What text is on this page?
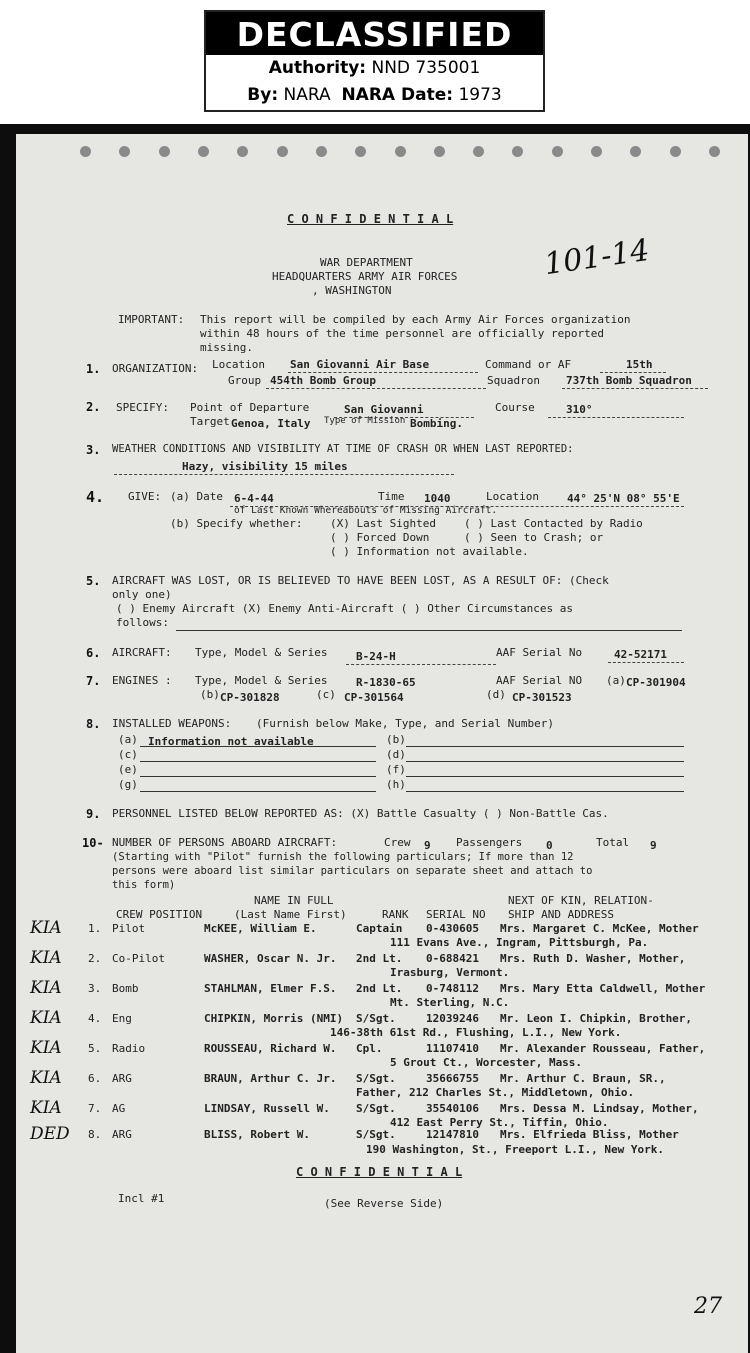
DECLASSIFIED
Authority: NND 735001
By: NARA NARA Date: 1973
C O N F I D E N T I A L
WAR DEPARTMENT
HEADQUARTERS ARMY AIR FORCES
, WASHINGTON
101-14
IMPORTANT: This report will be compiled by each Army Air Forces organization
within 48 hours of the time personnel are officially reported
missing.
1. ORGANIZATION: Location San Giovanni Air Base	Command or AF	15th
Group 454th Bomb Group	Squadron 737th Bomb Squadron
2. SPECIFY: Point of Departure	San Giovanni	Course	310°
Target Genoa, Italy Type of Mission Bombing.
3. WEATHER CONDITIONS AND VISIBILITY AT TIME OF CRASH OR WHEN LAST REPORTED:
Hazy, visibility 15 miles
4. GIVE: (a) Date 6-4-44	Time 1040	Location	44° 25'N 08° 55'E
of Last Known Whereabouts of Missing Aircraft.
(b) Specify whether:	(X) Last Sighted	( ) Last Contacted by Radio
( ) Forced Down	( ) Seen to Crash; or
( ) Information not available.
5. AIRCRAFT WAS LOST, OR IS BELIEVED TO HAVE BEEN LOST, AS A RESULT OF: (Check
only one)
( ) Enemy Aircraft (X) Enemy Anti-Aircraft ( ) Other Circumstances as
follows:
6. AIRCRAFT: Type, Model & Series	B-24-H	AAF Serial No	42-52171
7. ENGINES : Type, Model & Series	R-1830-65	AAF Serial NO (a) CP-301904
(b) CP-301828	(c) CP-301564	(d) CP-301523
8. INSTALLED WEAPONS: (Furnish below Make, Type, and Serial Number)
(a) Information not available	(b)
(c)	(d)
(e)	(f)
(g)	(h)
9. PERSONNEL LISTED BELOW REPORTED AS: (X) Battle Casualty ( ) Non-Battle Cas.
10- NUMBER OF PERSONS ABOARD AIRCRAFT:	Crew 9 Passengers 0	Total 9
(Starting with "Pilot" furnish the following particulars; If more than 12
persons were aboard list similar particulars on separate sheet and attach to
this form)
NAME IN FULL	NEXT OF KIN, RELATION-
CREW POSITION	(Last Name First)	RANK SERIAL NO SHIP AND ADDRESS
KIA 1. Pilot	McKEE, William E.	Captain 0-430605 Mrs. Margaret C. McKee, Mother
111 Evans Ave., Ingram, Pittsburgh, Pa.
KIA 2. Co-Pilot	WASHER, Oscar N. Jr. 2nd Lt. 0-688421 Mrs. Ruth D. Washer, Mother,
Irasburg, Vermont.
KIA 3. Bomb	STAHLMAN, Elmer F.S. 2nd Lt. 0-748112 Mrs. Mary Etta Caldwell, Mother
Mt. Sterling, N.C.
KIA 4. Eng	CHIPKIN, Morris (NMI) S/Sgt.	12039246 Mr. Leon I. Chipkin, Brother,
146-38th 61st Rd., Flushing, L.I., New York.
KIA 5. Radio	ROUSSEAU, Richard W. Cpl.	11107410 Mr. Alexander Rousseau, Father,
5 Grout Ct., Worcester, Mass.
KIA 6. ARG	BRAUN, Arthur C. Jr. S/Sgt.	35666755 Mr. Arthur C. Braun, SR.,
Father, 212 Charles St., Middletown, Ohio.
KIA 7. AG	LINDSAY, Russell W. S/Sgt.	35540106 Mrs. Dessa M. Lindsay, Mother,
412 East Perry St., Tiffin, Ohio.
DED 8. ARG	BLISS, Robert W.	S/Sgt.	12147810 Mrs. Elfrieda Bliss, Mother
190 Washington, St., Freeport L.I., New York.
C O N F I D E N T I A L
Incl #1	(See Reverse Side)
27
